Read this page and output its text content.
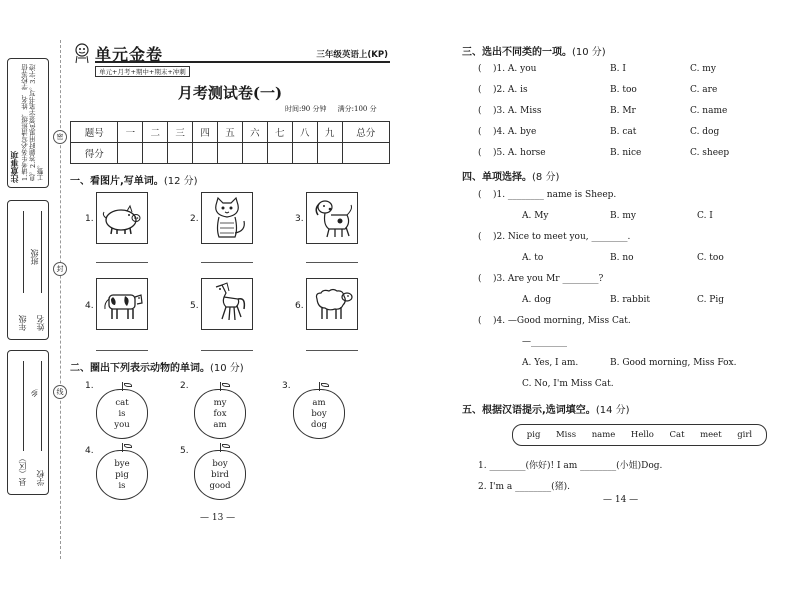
注意事项 1.请考生务必写清班级、姓名、学校等信息。2.答题时用黑色签字笔书写。3.字迹工整。
年级
班级
姓名
县（区）
乡
学校
密
封
线
单元金卷
单元+月考+期中+期末+冲刺
三年级英语上(KP)
月考测试卷(一)
时间:90 分钟 满分:100 分
题号	一	二	三	四	五	六	七	八	九	总分
得分										
一、看图片,写单词。(12 分)
1.	2.	3.
4.	5.	6.
二、圈出下列表示动物的单词。(10 分)
1.
cat
is
you
2.
my
fox
am
3.
am
boy
dog
4.
bye
pig
is
5.
boy
bird
good
— 13 —
三、选出不同类的一项。(10 分)
( )1. A. you	B. I	C. my
( )2. A. is	B. too	C. are
( )3. A. Miss	B. Mr	C. name
( )4. A. bye	B. cat	C. dog
( )5. A. horse	B. nice	C. sheep
四、单项选择。(8 分)
( )1. ________ name is Sheep.
A. My	B. my	C. I
( )2. Nice to meet you, ________.
A. to	B. no	C. too
( )3. Are you Mr ________?
A. dog	B. rabbit	C. Pig
( )4. —Good morning, Miss Cat.
—________
A. Yes, I am.	B. Good morning, Miss Fox.
C. No, I'm Miss Cat.
五、根据汉语提示,选词填空。(14 分)
pig Miss name Hello Cat meet girl
1. ________(你好)! I am ________(小姐)Dog.
2. I'm a ________(猪).
— 14 —
